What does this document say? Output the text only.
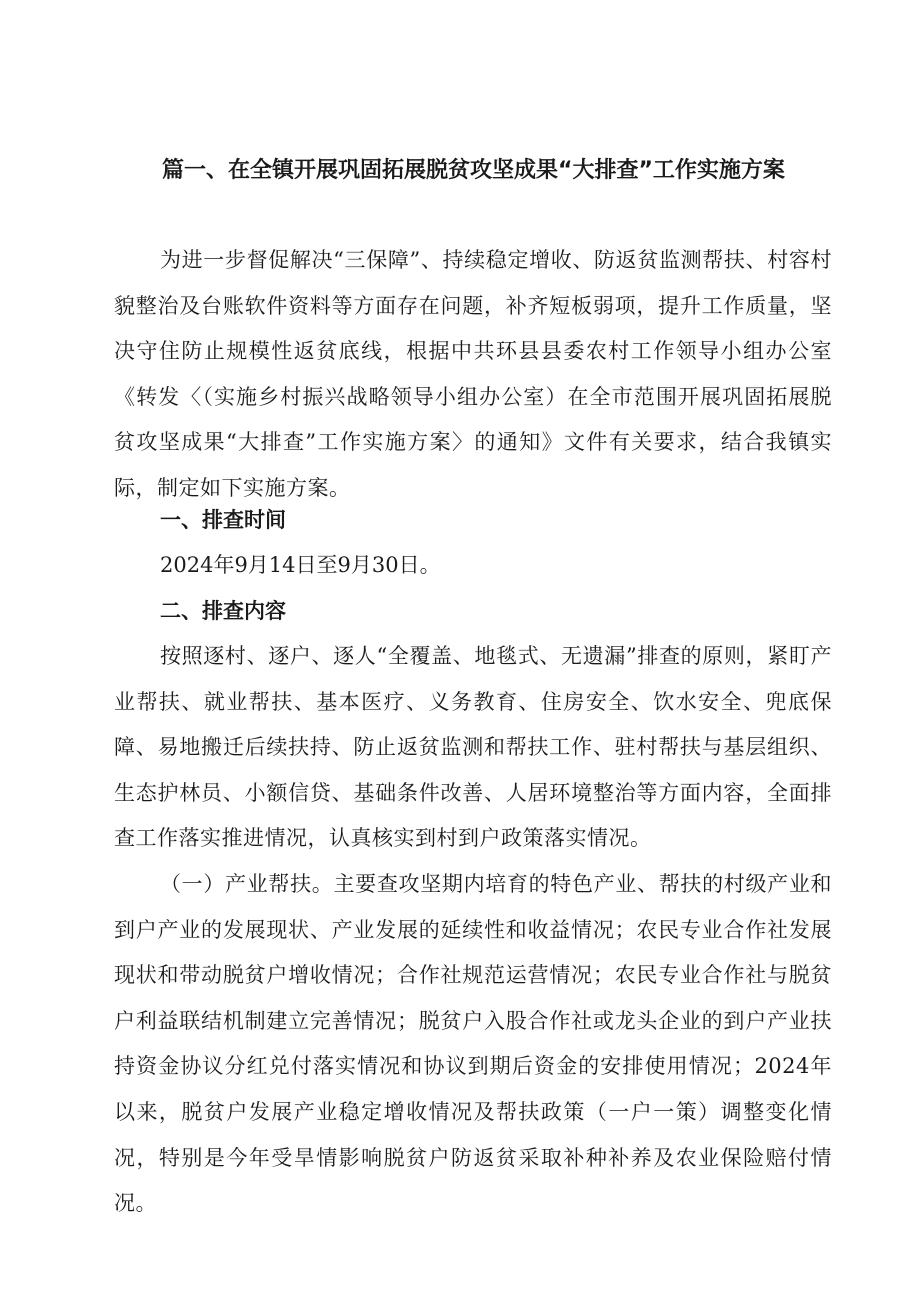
篇一、在全镇开展巩固拓展脱贫攻坚成果“大排查”工作实施方案

为进一步督促解决“三保障”、持续稳定增收、防返贫监测帮扶、村容村貌整治及台账软件资料等方面存在问题，补齐短板弱项，提升工作质量，坚决守住防止规模性返贫底线，根据中共环县县委农村工作领导小组办公室《转发〈（实施乡村振兴战略领导小组办公室）在全市范围开展巩固拓展脱贫攻坚成果“大排查”工作实施方案〉的通知》文件有关要求，结合我镇实际，制定如下实施方案。

一、排查时间

2024年9月14日至9月30日。

二、排查内容

按照逐村、逐户、逐人“全覆盖、地毯式、无遗漏”排查的原则，紧盯产业帮扶、就业帮扶、基本医疗、义务教育、住房安全、饮水安全、兜底保障、易地搬迁后续扶持、防止返贫监测和帮扶工作、驻村帮扶与基层组织、生态护林员、小额信贷、基础条件改善、人居环境整治等方面内容，全面排查工作落实推进情况，认真核实到村到户政策落实情况。

（一）产业帮扶。主要查攻坚期内培育的特色产业、帮扶的村级产业和到户产业的发展现状、产业发展的延续性和收益情况；农民专业合作社发展现状和带动脱贫户增收情况；合作社规范运营情况；农民专业合作社与脱贫户利益联结机制建立完善情况；脱贫户入股合作社或龙头企业的到户产业扶持资金协议分红兑付落实情况和协议到期后资金的安排使用情况；2024年以来，脱贫户发展产业稳定增收情况及帮扶政策（一户一策）调整变化情况，特别是今年受旱情影响脱贫户防返贫采取补种补养及农业保险赔付情况。
